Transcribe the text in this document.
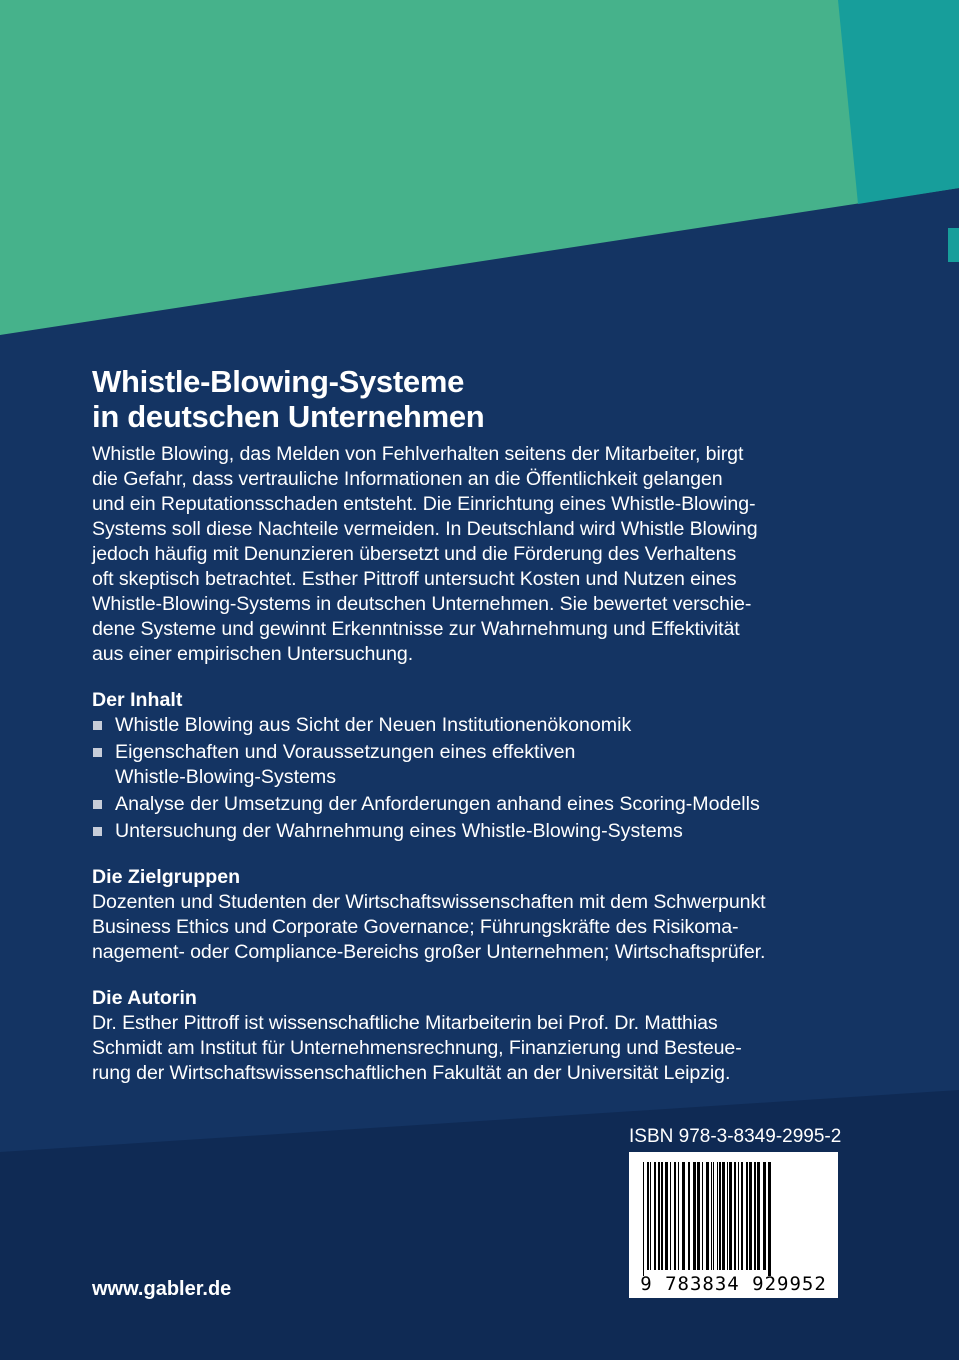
Whistle-Blowing-Systeme
in deutschen Unternehmen

Whistle Blowing, das Melden von Fehlverhalten seitens der Mitarbeiter, birgt
die Gefahr, dass vertrauliche Informationen an die Öffentlichkeit gelangen
und ein Reputationsschaden entsteht. Die Einrichtung eines Whistle-Blowing-
Systems soll diese Nachteile vermeiden. In Deutschland wird Whistle Blowing
jedoch häufig mit Denunzieren übersetzt und die Förderung des Verhaltens
oft skeptisch betrachtet. Esther Pittroff untersucht Kosten und Nutzen eines
Whistle-Blowing-Systems in deutschen Unternehmen. Sie bewertet verschie-
dene Systeme und gewinnt Erkenntnisse zur Wahrnehmung und Effektivität
aus einer empirischen Untersuchung.

Der Inhalt
Whistle Blowing aus Sicht der Neuen Institutionenökonomik
Eigenschaften und Voraussetzungen eines effektiven
Whistle-Blowing-Systems
Analyse der Umsetzung der Anforderungen anhand eines Scoring-Modells
Untersuchung der Wahrnehmung eines Whistle-Blowing-Systems
Die Zielgruppen

Dozenten und Studenten der Wirtschaftswissenschaften mit dem Schwerpunkt
Business Ethics und Corporate Governance; Führungskräfte des Risikoma-
nagement- oder Compliance-Bereichs großer Unternehmen; Wirtschaftsprüfer.

Die Autorin

Dr. Esther Pittroff ist wissenschaftliche Mitarbeiterin bei Prof. Dr. Matthias
Schmidt am Institut für Unternehmensrechnung, Finanzierung und Besteue-
rung der Wirtschaftswissenschaftlichen Fakultät an der Universität Leipzig.

ISBN 978-3-8349-2995-2
9 783834 929952
www.gabler.de
